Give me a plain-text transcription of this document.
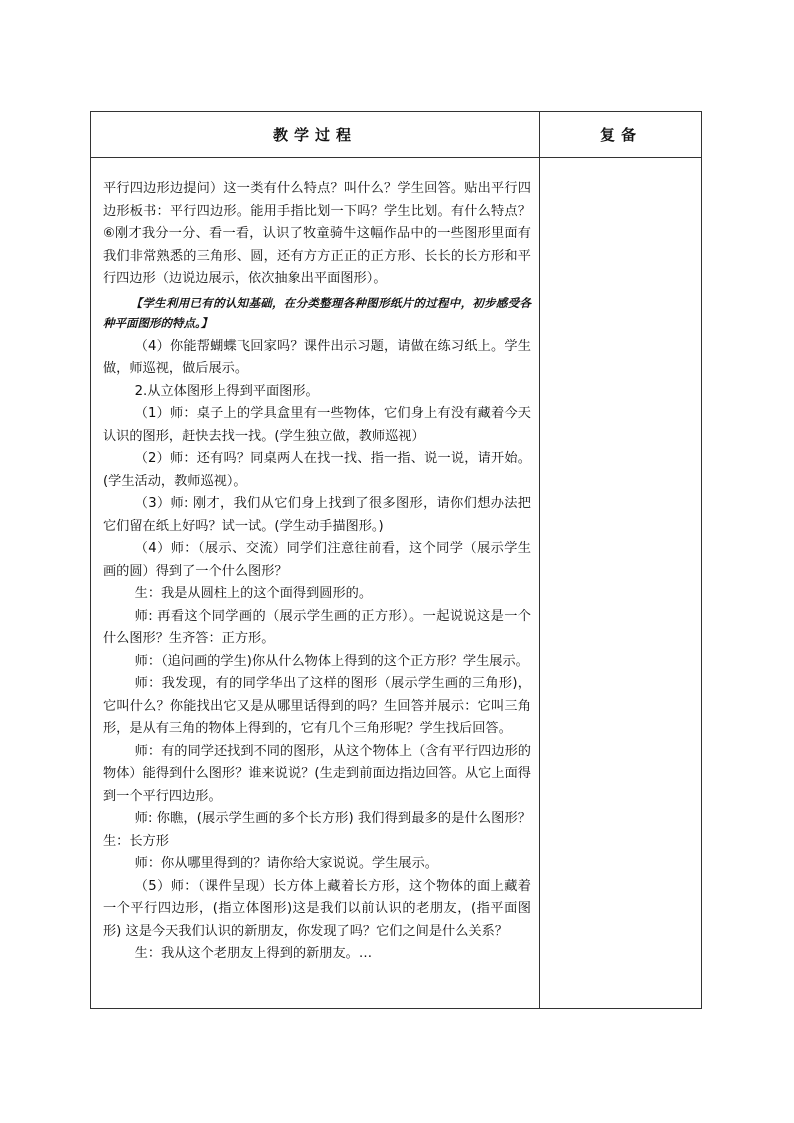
教学过程	复备

平行四边形边提问）这一类有什么特点？叫什么？学生回答。贴出平行四边形板书：平行四边形。能用手指比划一下吗？学生比划。有什么特点？⑥刚才我分一分、看一看，认识了牧童骑牛这幅作品中的一些图形里面有我们非常熟悉的三角形、圆，还有方方正正的正方形、长长的长方形和平行四边形（边说边展示，依次抽象出平面图形）。

【学生利用已有的认知基础，在分类整理各种图形纸片的过程中，初步感受各种平面图形的特点。】

（4）你能帮蝴蝶飞回家吗？课件出示习题，请做在练习纸上。学生做，师巡视，做后展示。

2.从立体图形上得到平面图形。

（1）师：桌子上的学具盒里有一些物体，它们身上有没有藏着今天认识的图形，赶快去找一找。(学生独立做，教师巡视）

（2）师：还有吗？同桌两人在找一找、指一指、说一说，请开始。(学生活动，教师巡视）。

（3）师: 刚才，我们从它们身上找到了很多图形，请你们想办法把它们留在纸上好吗？试一试。(学生动手描图形。)

（4）师：（展示、交流）同学们注意往前看，这个同学（展示学生画的圆）得到了一个什么图形？

生：我是从圆柱上的这个面得到圆形的。

师: 再看这个同学画的（展示学生画的正方形）。一起说说这是一个什么图形？生齐答：正方形。

师：（追问画的学生)你从什么物体上得到的这个正方形？学生展示。

师：我发现，有的同学华出了这样的图形（展示学生画的三角形)，它叫什么？你能找出它又是从哪里话得到的吗？生回答并展示：它叫三角形，是从有三角的物体上得到的，它有几个三角形呢？学生找后回答。

师：有的同学还找到不同的图形，从这个物体上（含有平行四边形的物体）能得到什么图形？谁来说说？(生走到前面边指边回答。从它上面得到一个平行四边形。

师: 你瞧，(展示学生画的多个长方形) 我们得到最多的是什么图形？生：长方形

师：你从哪里得到的？请你给大家说说。学生展示。

（5）师：（课件呈现）长方体上藏着长方形，这个物体的面上藏着一个平行四边形，(指立体图形)这是我们以前认识的老朋友，(指平面图形) 这是今天我们认识的新朋友，你发现了吗？它们之间是什么关系？

生：我从这个老朋友上得到的新朋友。…
